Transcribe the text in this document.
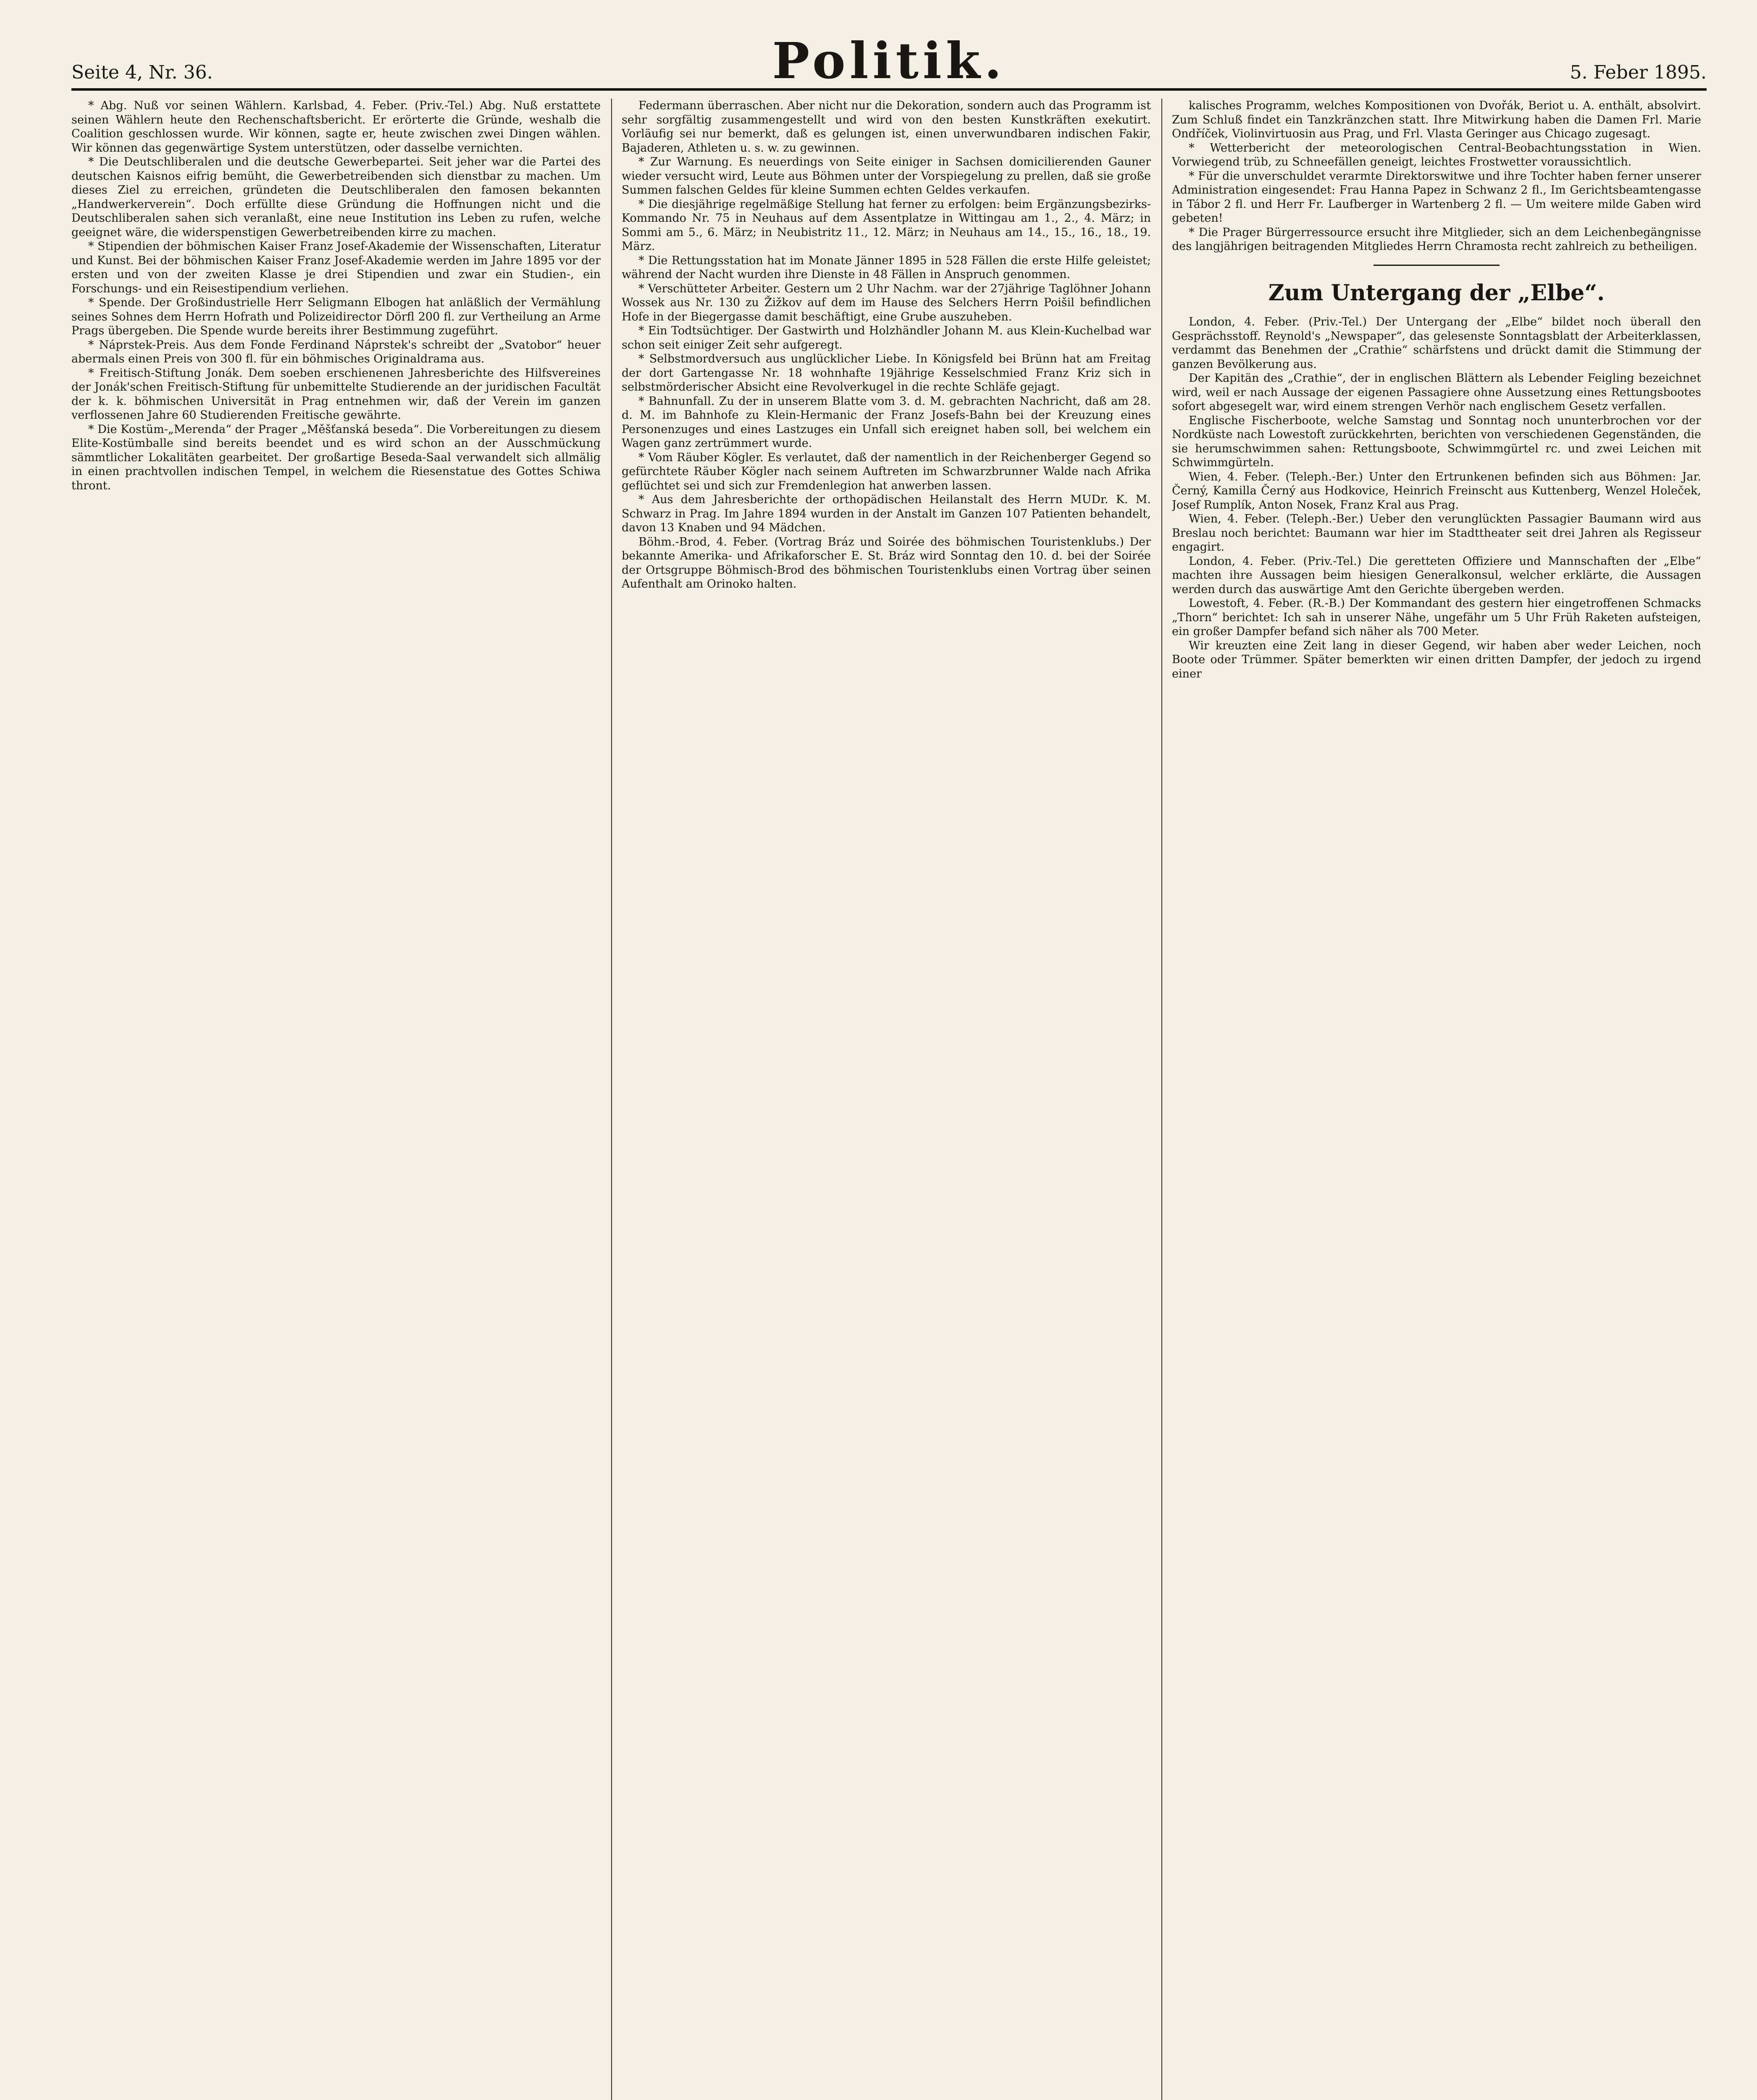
Seite 4, Nr. 36.	Politik.	5. Feber 1895.

* Abg. Nuß vor seinen Wählern. Karlsbad, 4. Feber. (Priv.-Tel.) Abg. Nuß erstattete seinen Wählern heute den Rechenschaftsbericht. Er erörterte die Gründe, weshalb die Coalition geschlossen wurde. Wir können, sagte er, heute zwischen zwei Dingen wählen. Wir können das gegenwärtige System unterstützen, oder dasselbe vernichten.

* Die Deutschliberalen und die deutsche Gewerbepartei. Seit jeher war die Partei des deutschen Kaisnos eifrig bemüht, die Gewerbetreibenden sich dienstbar zu machen. Um dieses Ziel zu erreichen, gründeten die Deutschliberalen den famosen bekannten „Handwerkerverein“. Doch erfüllte diese Gründung die Hoffnungen nicht und die Deutschliberalen sahen sich veranlaßt, eine neue Institution ins Leben zu rufen, welche geeignet wäre, die widerspenstigen Gewerbetreibenden kirre zu machen.

* Stipendien der böhmischen Kaiser Franz Josef-Akademie der Wissenschaften, Literatur und Kunst. Bei der böhmischen Kaiser Franz Josef-Akademie werden im Jahre 1895 vor der ersten und von der zweiten Klasse je drei Stipendien und zwar ein Studien-, ein Forschungs- und ein Reisestipendium verliehen.

* Spende. Der Großindustrielle Herr Seligmann Elbogen hat anläßlich der Vermählung seines Sohnes dem Herrn Hofrath und Polizeidirector Dörfl 200 fl. zur Vertheilung an Arme Prags übergeben. Die Spende wurde bereits ihrer Bestimmung zugeführt.

* Náprstek-Preis. Aus dem Fonde Ferdinand Náprstek's schreibt der „Svatobor“ heuer abermals einen Preis von 300 fl. für ein böhmisches Originaldrama aus.

* Freitisch-Stiftung Jonák. Dem soeben erschienenen Jahresberichte des Hilfsvereines der Jonák'schen Freitisch-Stiftung für unbemittelte Studierende an der juridischen Facultät der k. k. böhmischen Universität in Prag entnehmen wir, daß der Verein im ganzen verflossenen Jahre 60 Studierenden Freitische gewährte.

* Die Kostüm-„Merenda“ der Prager „Měšťanská beseda“. Die Vorbereitungen zu diesem Elite-Kostümballe sind bereits beendet und es wird schon an der Ausschmückung sämmtlicher Lokalitäten gearbeitet. Der großartige Beseda-Saal verwandelt sich allmälig in einen prachtvollen indischen Tempel, in welchem die Riesenstatue des Gottes Schiwa thront.

Federmann überraschen. Aber nicht nur die Dekoration, sondern auch das Programm ist sehr sorgfältig zusammengestellt und wird von den besten Kunstkräften exekutirt. Vorläufig sei nur bemerkt, daß es gelungen ist, einen unverwundbaren indischen Fakir, Bajaderen, Athleten u. s. w. zu gewinnen.

* Zur Warnung. Es neuerdings von Seite einiger in Sachsen domicilierenden Gauner wieder versucht wird, Leute aus Böhmen unter der Vorspiegelung zu prellen, daß sie große Summen falschen Geldes für kleine Summen echten Geldes verkaufen.

* Die diesjährige regelmäßige Stellung hat ferner zu erfolgen: beim Ergänzungsbezirks-Kommando Nr. 75 in Neuhaus auf dem Assentplatze in Wittingau am 1., 2., 4. März; in Sommi am 5., 6. März; in Neubistritz 11., 12. März; in Neuhaus am 14., 15., 16., 18., 19. März.

* Die Rettungsstation hat im Monate Jänner 1895 in 528 Fällen die erste Hilfe geleistet; während der Nacht wurden ihre Dienste in 48 Fällen in Anspruch genommen.

* Verschütteter Arbeiter. Gestern um 2 Uhr Nachm. war der 27jährige Taglöhner Johann Wossek aus Nr. 130 zu Žižkov auf dem im Hause des Selchers Herrn Poišil befindlichen Hofe in der Biegergasse damit beschäftigt, eine Grube auszuheben.

* Ein Todtsüchtiger. Der Gastwirth und Holzhändler Johann M. aus Klein-Kuchelbad war schon seit einiger Zeit sehr aufgeregt.

* Selbstmordversuch aus unglücklicher Liebe. In Königsfeld bei Brünn hat am Freitag der dort Gartengasse Nr. 18 wohnhafte 19jährige Kesselschmied Franz Kriz sich in selbstmörderischer Absicht eine Revolverkugel in die rechte Schläfe gejagt.

* Bahnunfall. Zu der in unserem Blatte vom 3. d. M. gebrachten Nachricht, daß am 28. d. M. im Bahnhofe zu Klein-Hermanic der Franz Josefs-Bahn bei der Kreuzung eines Personenzuges und eines Lastzuges ein Unfall sich ereignet haben soll, bei welchem ein Wagen ganz zertrümmert wurde.

* Vom Räuber Kögler. Es verlautet, daß der namentlich in der Reichenberger Gegend so gefürchtete Räuber Kögler nach seinem Auftreten im Schwarzbrunner Walde nach Afrika geflüchtet sei und sich zur Fremdenlegion hat anwerben lassen.

* Aus dem Jahresberichte der orthopädischen Heilanstalt des Herrn MUDr. K. M. Schwarz in Prag. Im Jahre 1894 wurden in der Anstalt im Ganzen 107 Patienten behandelt, davon 13 Knaben und 94 Mädchen.

Böhm.-Brod, 4. Feber. (Vortrag Bráz und Soirée des böhmischen Touristenklubs.) Der bekannte Amerika- und Afrikaforscher E. St. Bráz wird Sonntag den 10. d. bei der Soirée der Ortsgruppe Böhmisch-Brod des böhmischen Touristenklubs einen Vortrag über seinen Aufenthalt am Orinoko halten.

kalisches Programm, welches Kompositionen von Dvořák, Beriot u. A. enthält, absolvirt. Zum Schluß findet ein Tanzkränzchen statt. Ihre Mitwirkung haben die Damen Frl. Marie Ondříček, Violinvirtuosin aus Prag, und Frl. Vlasta Geringer aus Chicago zugesagt.

* Wetterbericht der meteorologischen Central-Beobachtungsstation in Wien. Vorwiegend trüb, zu Schneefällen geneigt, leichtes Frostwetter voraussichtlich.

* Für die unverschuldet verarmte Direktorswitwe und ihre Tochter haben ferner unserer Administration eingesendet: Frau Hanna Papez in Schwanz 2 fl., Im Gerichtsbeamtengasse in Tábor 2 fl. und Herr Fr. Laufberger in Wartenberg 2 fl. — Um weitere milde Gaben wird gebeten!

* Die Prager Bürgerressource ersucht ihre Mitglieder, sich an dem Leichenbegängnisse des langjährigen beitragenden Mitgliedes Herrn Chramosta recht zahlreich zu betheiligen.

Zum Untergang der „Elbe“.

London, 4. Feber. (Priv.-Tel.) Der Untergang der „Elbe“ bildet noch überall den Gesprächsstoff. Reynold's „Newspaper“, das gelesenste Sonntagsblatt der Arbeiterklassen, verdammt das Benehmen der „Crathie“ schärfstens und drückt damit die Stimmung der ganzen Bevölkerung aus.

Der Kapitän des „Crathie“, der in englischen Blättern als Lebender Feigling bezeichnet wird, weil er nach Aussage der eigenen Passagiere ohne Aussetzung eines Rettungsbootes sofort abgesegelt war, wird einem strengen Verhör nach englischem Gesetz verfallen.

Englische Fischerboote, welche Samstag und Sonntag noch ununterbrochen vor der Nordküste nach Lowestoft zurückkehrten, berichten von verschiedenen Gegenständen, die sie herumschwimmen sahen: Rettungsboote, Schwimmgürtel rc. und zwei Leichen mit Schwimmgürteln.

Wien, 4. Feber. (Teleph.-Ber.) Unter den Ertrunkenen befinden sich aus Böhmen: Jar. Černý, Kamilla Černý aus Hodkovice, Heinrich Freinscht aus Kuttenberg, Wenzel Holeček, Josef Rumplík, Anton Nosek, Franz Kral aus Prag.

Wien, 4. Feber. (Teleph.-Ber.) Ueber den verunglückten Passagier Baumann wird aus Breslau noch berichtet: Baumann war hier im Stadttheater seit drei Jahren als Regisseur engagirt.

London, 4. Feber. (Priv.-Tel.) Die geretteten Offiziere und Mannschaften der „Elbe“ machten ihre Aussagen beim hiesigen Generalkonsul, welcher erklärte, die Aussagen werden durch das auswärtige Amt den Gerichte übergeben werden.

Lowestoft, 4. Feber. (R.-B.) Der Kommandant des gestern hier eingetroffenen Schmacks „Thorn“ berichtet: Ich sah in unserer Nähe, ungefähr um 5 Uhr Früh Raketen aufsteigen, ein großer Dampfer befand sich näher als 700 Meter.

Wir kreuzten eine Zeit lang in dieser Gegend, wir haben aber weder Leichen, noch Boote oder Trümmer. Später bemerkten wir einen dritten Dampfer, der jedoch zu irgend einer
